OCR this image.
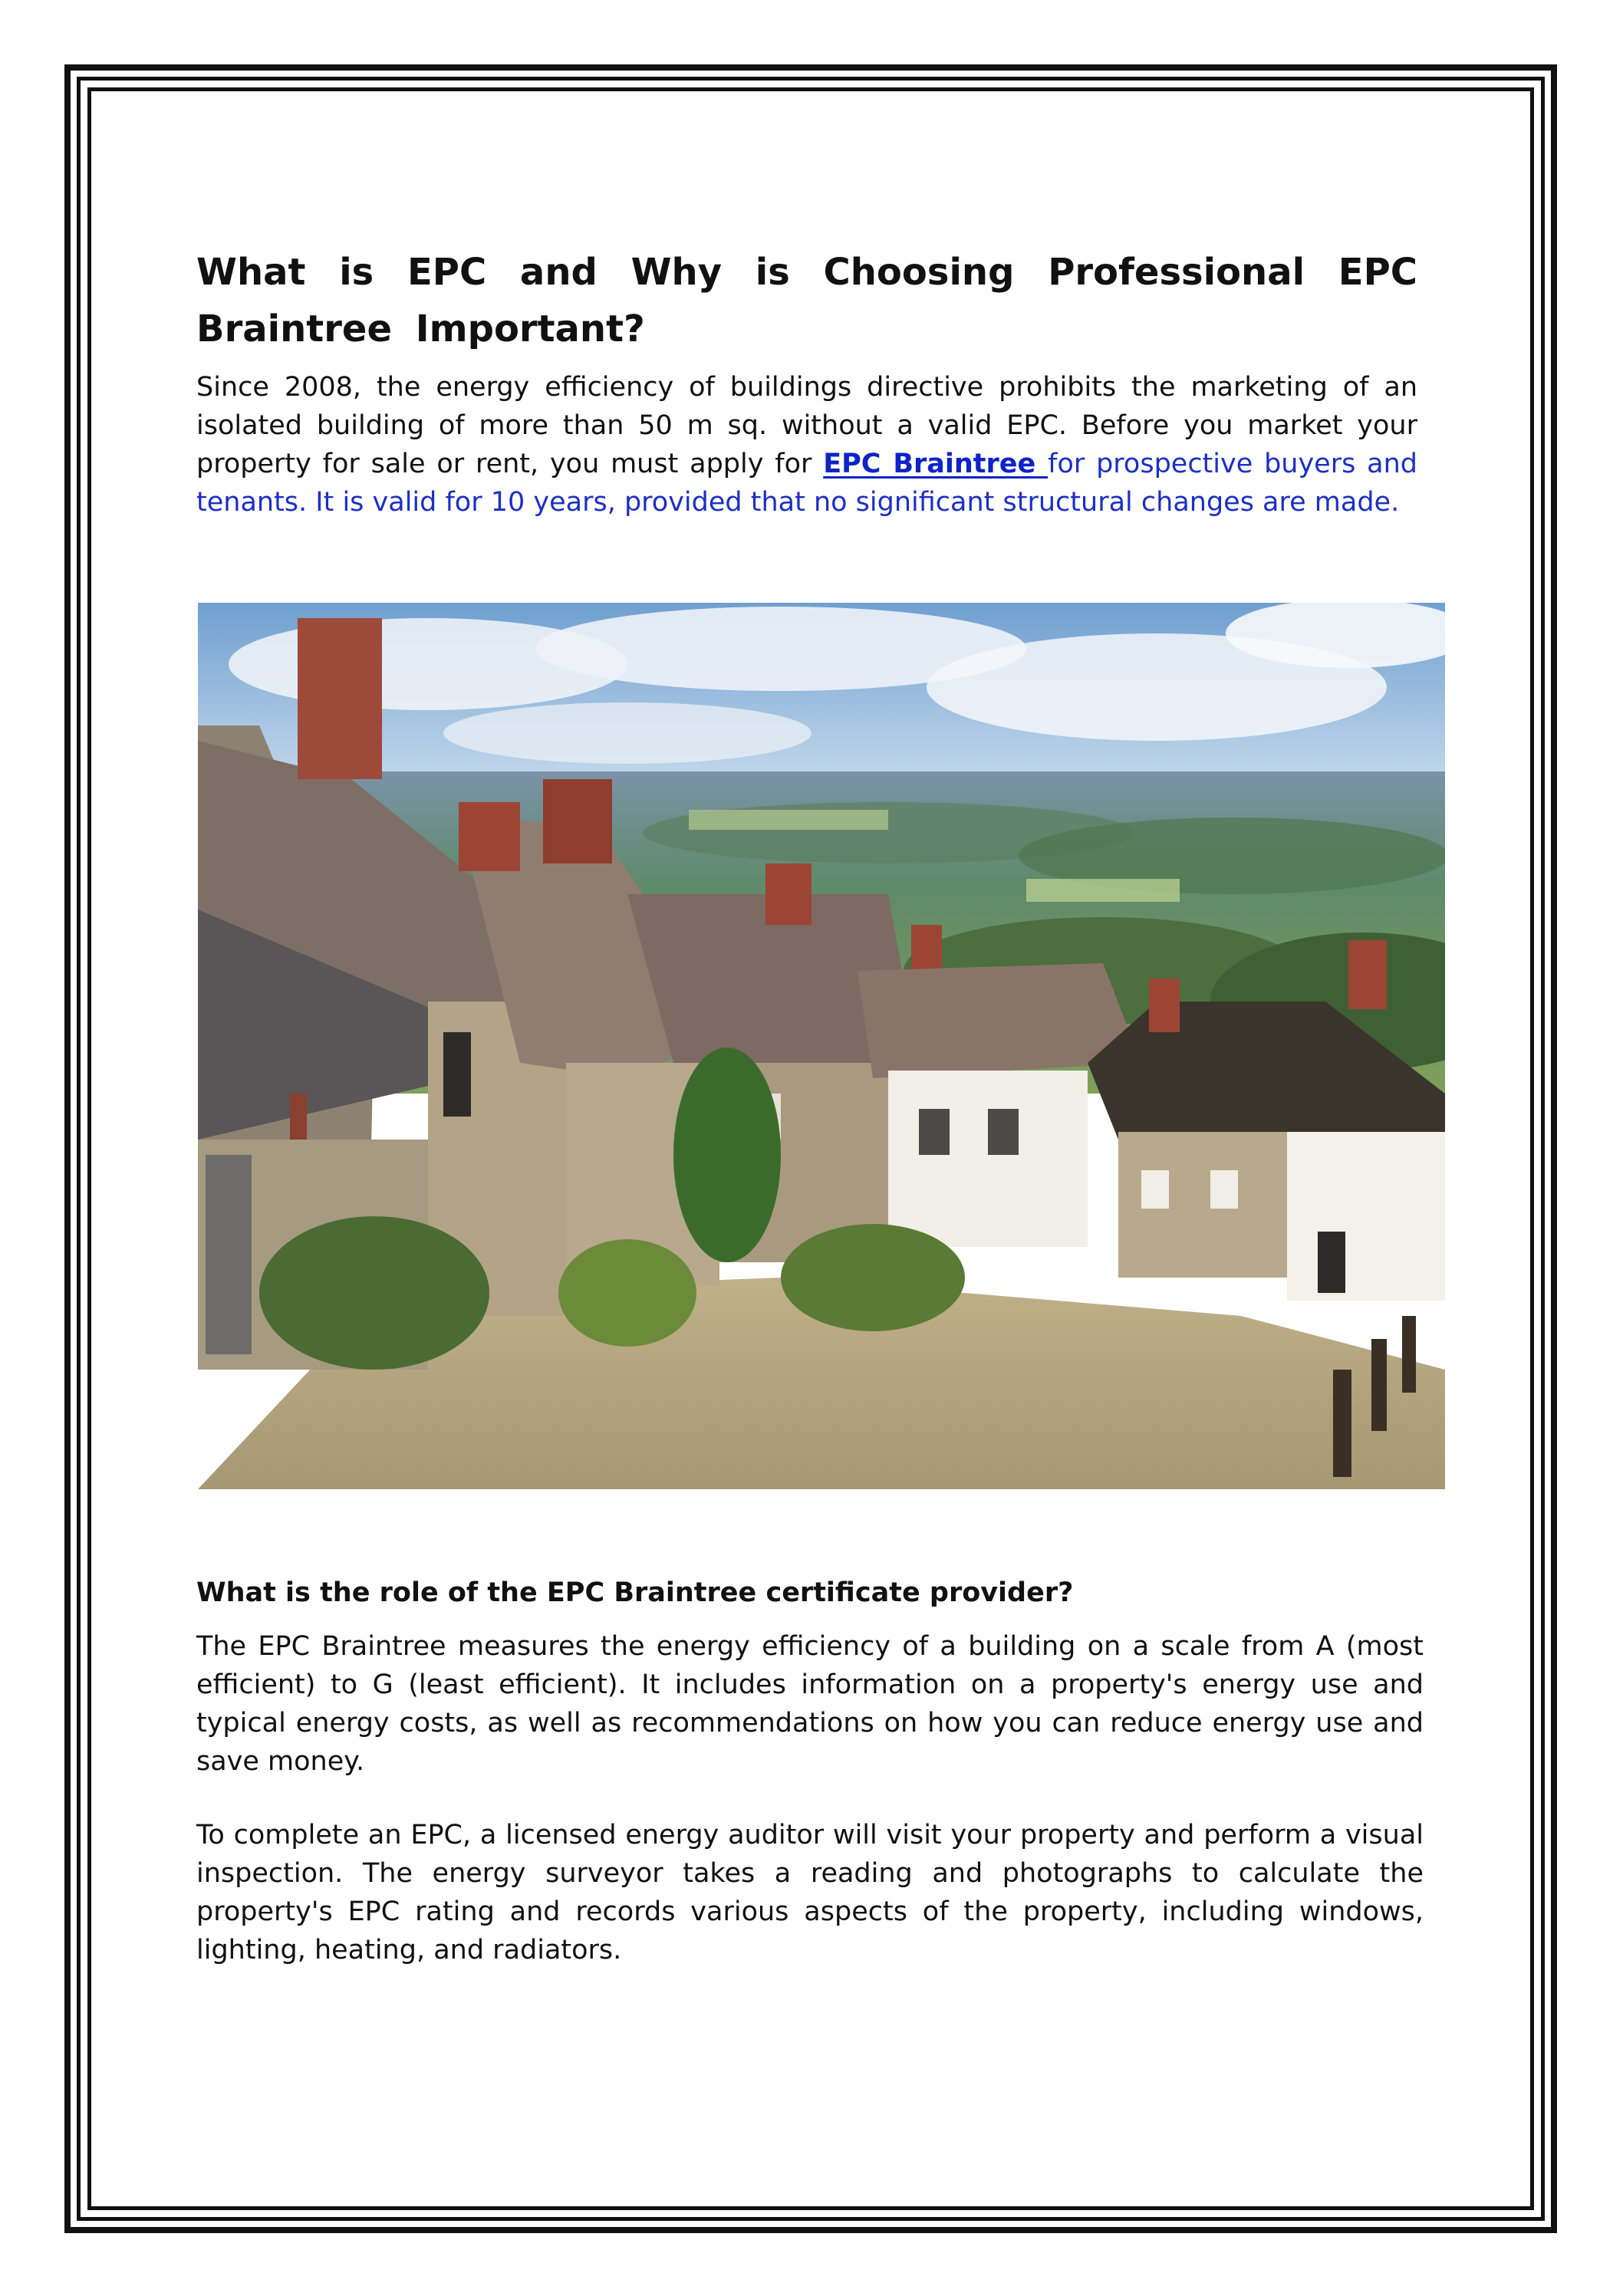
What is EPC and Why is Choosing Professional EPC Braintree Important?

Since 2008, the energy efficiency of buildings directive prohibits the marketing of an isolated building of more than 50 m sq. without a valid EPC. Before you market your property for sale or rent, you must apply for EPC Braintree for prospective buyers and tenants. It is valid for 10 years, provided that no significant structural changes are made.

What is the role of the EPC Braintree certificate provider?

The EPC Braintree measures the energy efficiency of a building on a scale from A (most efficient) to G (least efficient). It includes information on a property's energy use and typical energy costs, as well as recommendations on how you can reduce energy use and save money.

To complete an EPC, a licensed energy auditor will visit your property and perform a visual inspection. The energy surveyor takes a reading and photographs to calculate the property's EPC rating and records various aspects of the property, including windows, lighting, heating, and radiators.
